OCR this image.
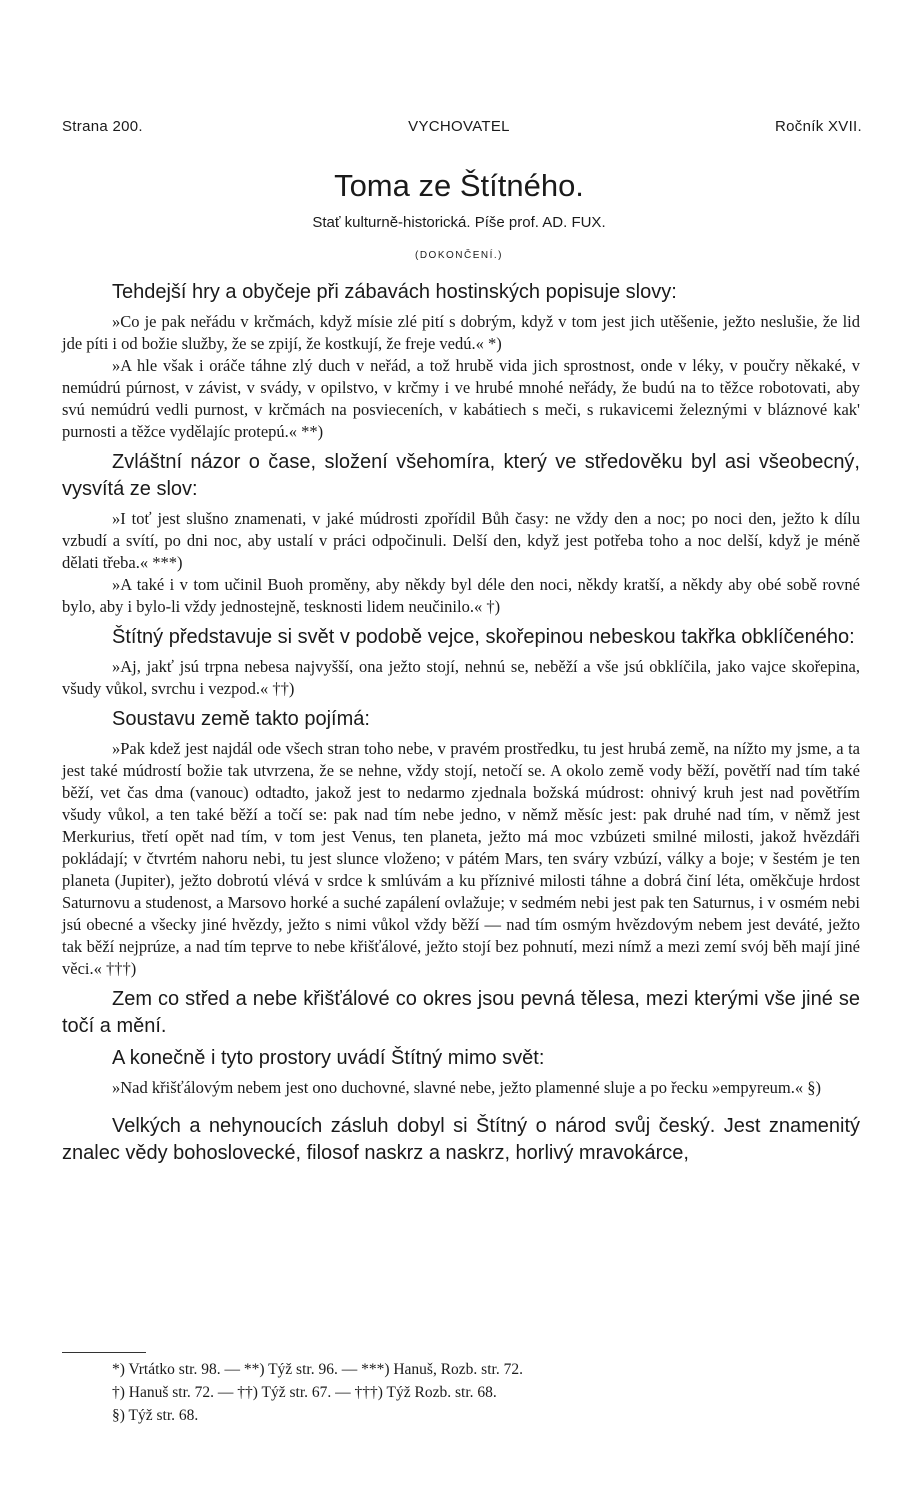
Strana 200.	VYCHOVATEL	Ročník XVII.
Toma ze Štítného.
Stať kulturně-historická. Píše prof. AD. FUX.
(DOKONČENÍ.)

Tehdejší hry a obyčeje při zábavách hostinských popisuje slovy:

»Co je pak neřádu v krčmách, když mísie zlé pití s dobrým, když v tom jest jich utěšenie, ježto neslušie, že lid jde píti i od božie služby, že se zpijí, že kostkují, že freje vedú.« *)

»A hle však i oráče táhne zlý duch v neřád, a tož hrubě vida jich sprostnost, onde v léky, v poučry někaké, v nemúdrú púrnost, v závist, v svády, v opilstvo, v krčmy i ve hrubé mnohé neřády, že budú na to těžce robotovati, aby svú nemúdrú vedli purnost, v krčmách na posvieceních, v kabátiech s meči, s rukavicemi železnými v bláznové kak' purnosti a těžce vydělajíc protepú.« **)

Zvláštní názor o čase, složení všehomíra, který ve středověku byl asi všeobecný, vysvítá ze slov:

»I toť jest slušno znamenati, v jaké múdrosti zpořídil Bůh časy: ne vždy den a noc; po noci den, ježto k dílu vzbudí a svítí, po dni noc, aby ustalí v práci odpočinuli. Delší den, když jest potřeba toho a noc delší, když je méně dělati třeba.« ***)

»A také i v tom učinil Buoh proměny, aby někdy byl déle den noci, někdy kratší, a někdy aby obé sobě rovné bylo, aby i bylo-li vždy jednostejně, tesknosti lidem neučinilo.« †)

Štítný představuje si svět v podobě vejce, skořepinou nebeskou takřka obklíčeného:

»Aj, jakť jsú trpna nebesa najvyšší, ona ježto stojí, nehnú se, neběží a vše jsú obklíčila, jako vajce skořepina, všudy vůkol, svrchu i vezpod.« ††)

Soustavu země takto pojímá:

»Pak kdež jest najdál ode všech stran toho nebe, v pravém prostředku, tu jest hrubá země, na nížto my jsme, a ta jest také múdrostí božie tak utvrzena, že se nehne, vždy stojí, netočí se. A okolo země vody běží, povětří nad tím také běží, vet čas dma (vanouc) odtadto, jakož jest to nedarmo zjednala božská múdrost: ohnivý kruh jest nad povětřím všudy vůkol, a ten také běží a točí se: pak nad tím nebe jedno, v němž měsíc jest: pak druhé nad tím, v němž jest Merkurius, třetí opět nad tím, v tom jest Venus, ten planeta, ježto má moc vzbúzeti smilné milosti, jakož hvězdáři pokládají; v čtvrtém nahoru nebi, tu jest slunce vloženo; v pátém Mars, ten sváry vzbúzí, války a boje; v šestém je ten planeta (Jupiter), ježto dobrotú vlévá v srdce k smlúvám a ku příznivé milosti táhne a dobrá činí léta, oměkčuje hrdost Saturnovu a studenost, a Marsovo horké a suché zapálení ovlažuje; v sedmém nebi jest pak ten Saturnus, i v osmém nebi jsú obecné a všecky jiné hvězdy, ježto s nimi vůkol vždy běží — nad tím osmým hvězdovým nebem jest deváté, ježto tak běží nejprúze, a nad tím teprve to nebe křišťálové, ježto stojí bez pohnutí, mezi nímž a mezi zemí svój běh mají jiné věci.« †††)

Zem co střed a nebe křišťálové co okres jsou pevná tělesa, mezi kterými vše jiné se točí a mění.

A konečně i tyto prostory uvádí Štítný mimo svět:

»Nad křišťálovým nebem jest ono duchovné, slavné nebe, ježto plamenné sluje a po řecku »empyreum.« §)

Velkých a nehynoucích zásluh dobyl si Štítný o národ svůj český. Jest znamenitý znalec vědy bohoslovecké, filosof naskrz a naskrz, horlivý mravokárce,

*) Vrtátko str. 98. — **) Týž str. 96. — ***) Hanuš, Rozb. str. 72.
†) Hanuš str. 72. — ††) Týž str. 67. — †††) Týž Rozb. str. 68.
§) Týž str. 68.
